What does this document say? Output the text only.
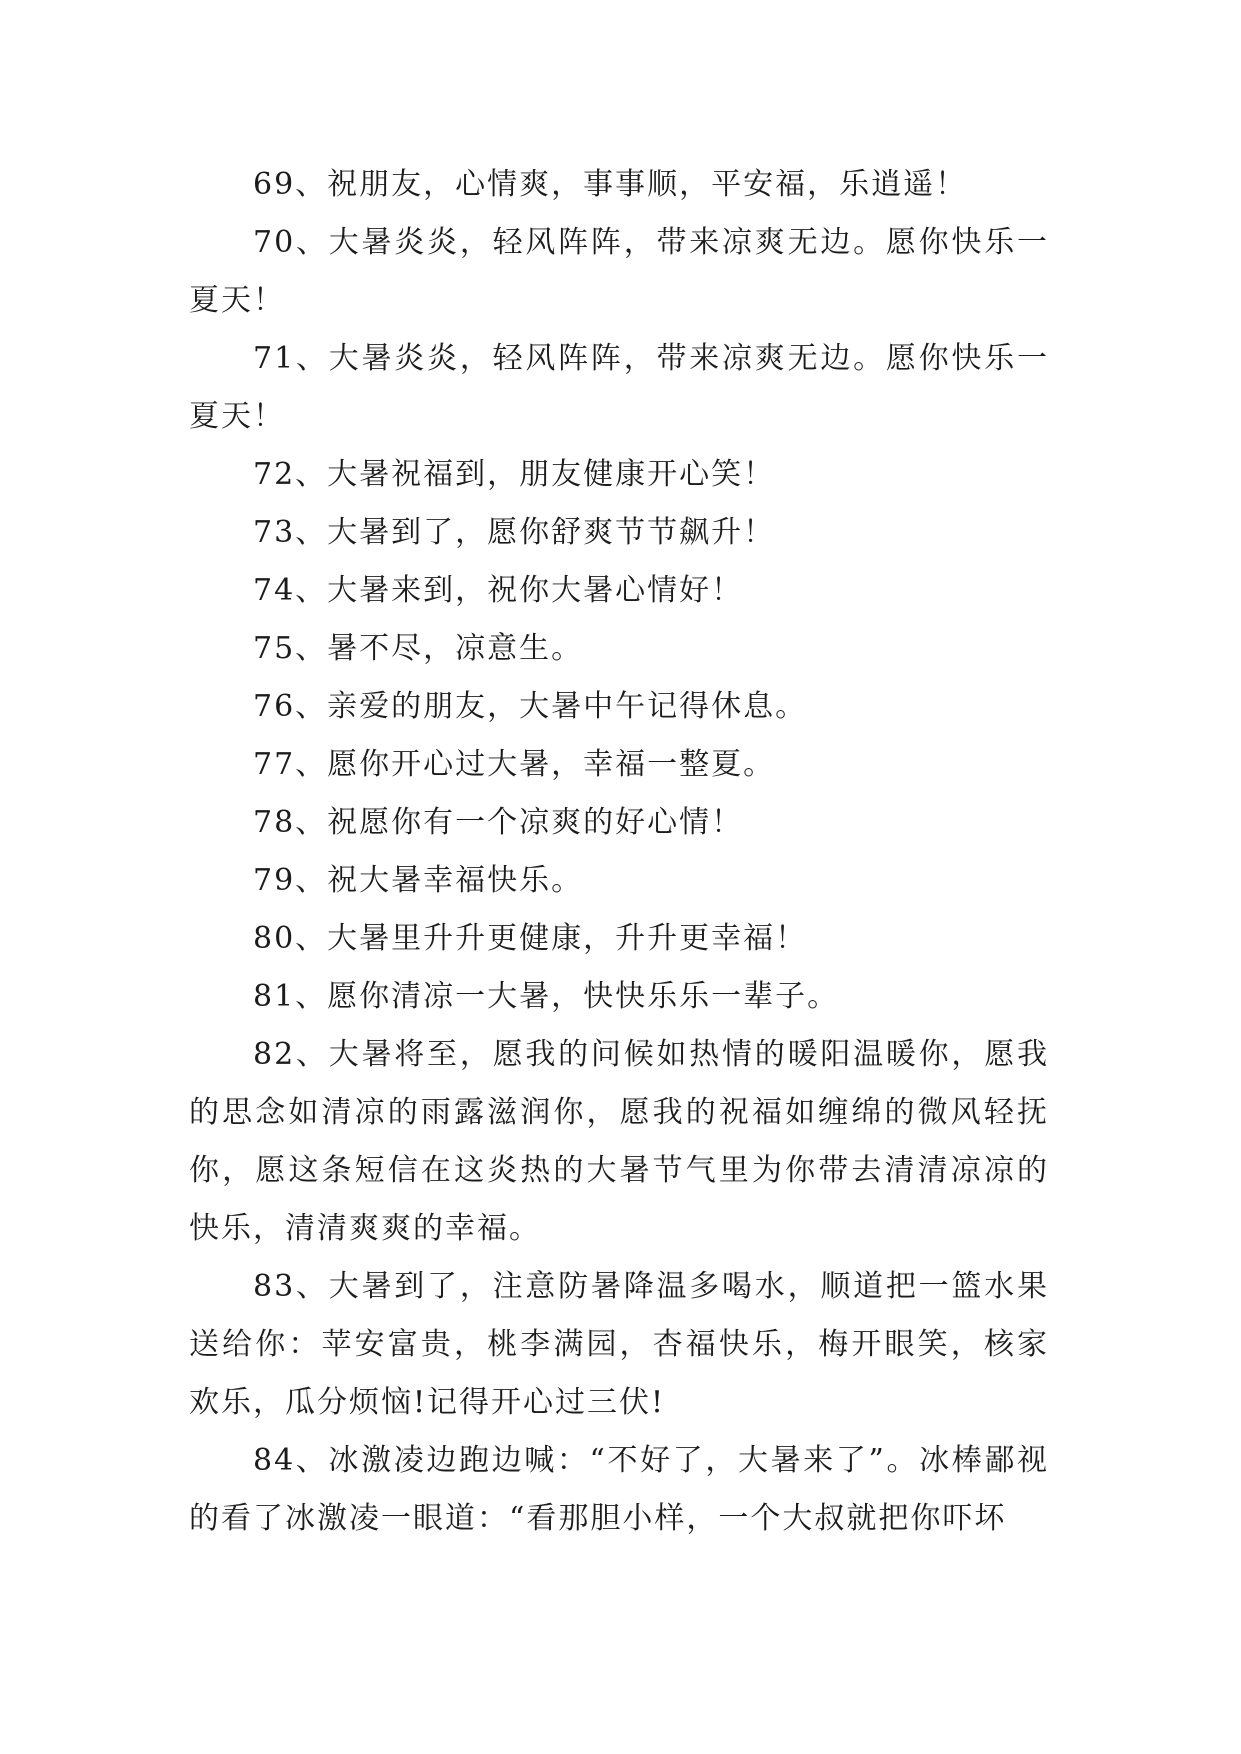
69、祝朋友，心情爽，事事顺，平安福，乐逍遥！

70、大暑炎炎，轻风阵阵，带来凉爽无边。愿你快乐一夏天！

71、大暑炎炎，轻风阵阵，带来凉爽无边。愿你快乐一夏天！

72、大暑祝福到，朋友健康开心笑！

73、大暑到了，愿你舒爽节节飙升！

74、大暑来到，祝你大暑心情好！

75、暑不尽，凉意生。

76、亲爱的朋友，大暑中午记得休息。

77、愿你开心过大暑，幸福一整夏。

78、祝愿你有一个凉爽的好心情！

79、祝大暑幸福快乐。

80、大暑里升升更健康，升升更幸福！

81、愿你清凉一大暑，快快乐乐一辈子。

82、大暑将至，愿我的问候如热情的暖阳温暖你，愿我的思念如清凉的雨露滋润你，愿我的祝福如缠绵的微风轻抚你，愿这条短信在这炎热的大暑节气里为你带去清清凉凉的快乐，清清爽爽的幸福。

83、大暑到了，注意防暑降温多喝水，顺道把一篮水果送给你：苹安富贵，桃李满园，杏福快乐，梅开眼笑，核家欢乐，瓜分烦恼!记得开心过三伏!

84、冰激凌边跑边喊：“不好了，大暑来了”。冰棒鄙视的看了冰激凌一眼道：“看那胆小样，一个大叔就把你吓坏
